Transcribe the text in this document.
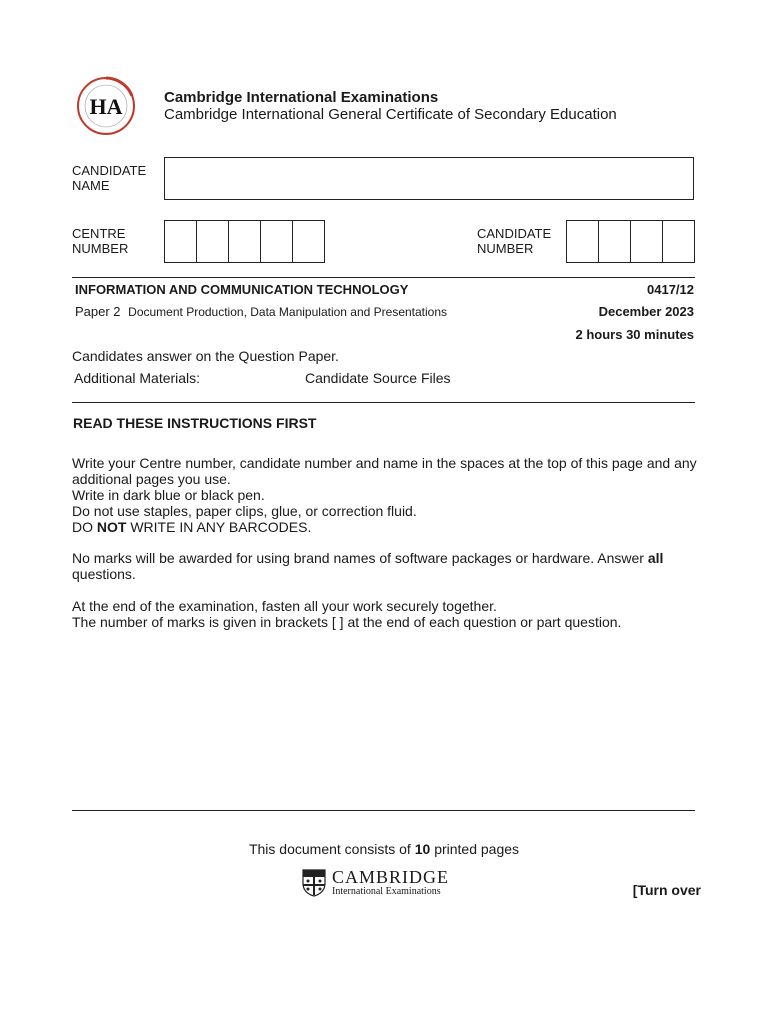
HA	Cambridge International Examinations
Cambridge International General Certificate of Secondary Education
CANDIDATE NAME
CENTRE NUMBER
CANDIDATE NUMBER
INFORMATION AND COMMUNICATION TECHNOLOGY	0417/12
Paper 2 Document Production, Data Manipulation and Presentations	December 2023
2 hours 30 minutes
Candidates answer on the Question Paper.
Additional Materials:	Candidate Source Files
READ THESE INSTRUCTIONS FIRST
Write your Centre number, candidate number and name in the spaces at the top of this page and any additional pages you use.
Write in dark blue or black pen.
Do not use staples, paper clips, glue, or correction fluid.
DO NOT WRITE IN ANY BARCODES.
No marks will be awarded for using brand names of software packages or hardware. Answer all questions.
At the end of the examination, fasten all your work securely together.
The number of marks is given in brackets [ ] at the end of each question or part question.
This document consists of 10 printed pages
CAMBRIDGE
International Examinations	[Turn over
